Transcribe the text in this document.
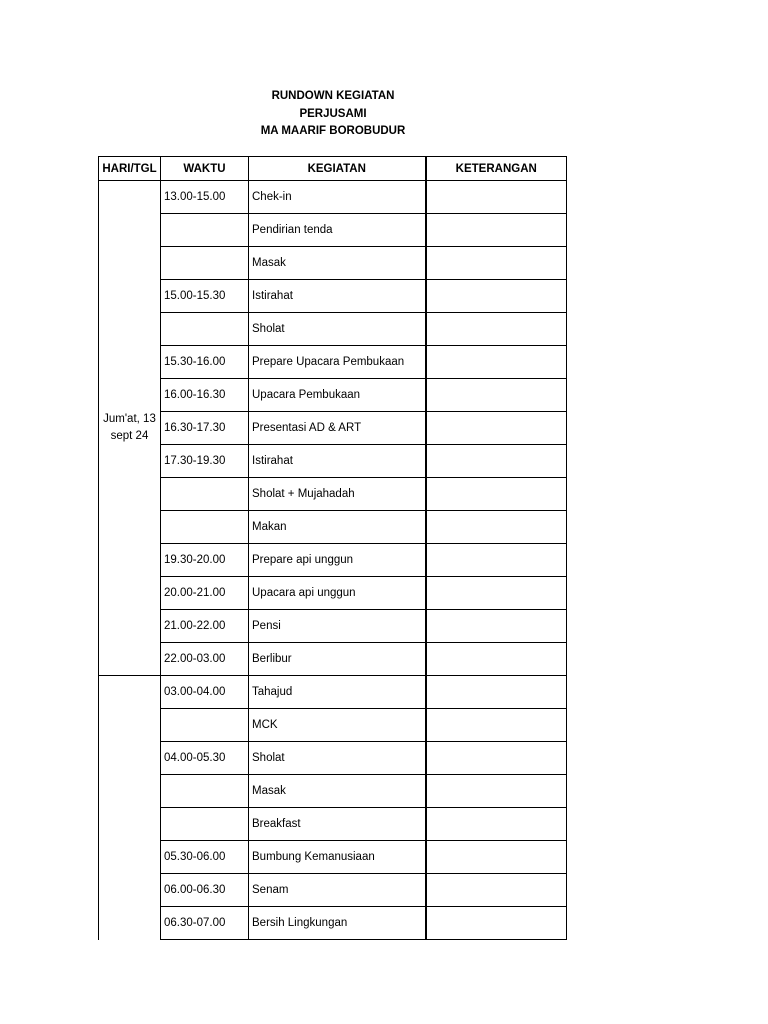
RUNDOWN KEGIATAN
PERJUSAMI
MA MAARIF BOROBUDUR
HARI/TGL	WAKTU	KEGIATAN	KETERANGAN
Jum'at, 13 sept 24	13.00-15.00	Chek-in	
		Pendirian tenda	
		Masak	
	15.00-15.30	Istirahat	
		Sholat	
	15.30-16.00	Prepare Upacara Pembukaan	
	16.00-16.30	Upacara Pembukaan	
	16.30-17.30	Presentasi AD & ART	
	17.30-19.30	Istirahat	
		Sholat + Mujahadah	
		Makan	
	19.30-20.00	Prepare api unggun	
	20.00-21.00	Upacara api unggun	
	21.00-22.00	Pensi	
	22.00-03.00	Berlibur	
	03.00-04.00	Tahajud	
		MCK	
	04.00-05.30	Sholat	
		Masak	
		Breakfast	
	05.30-06.00	Bumbung Kemanusiaan	
	06.00-06.30	Senam	
	06.30-07.00	Bersih Lingkungan	
